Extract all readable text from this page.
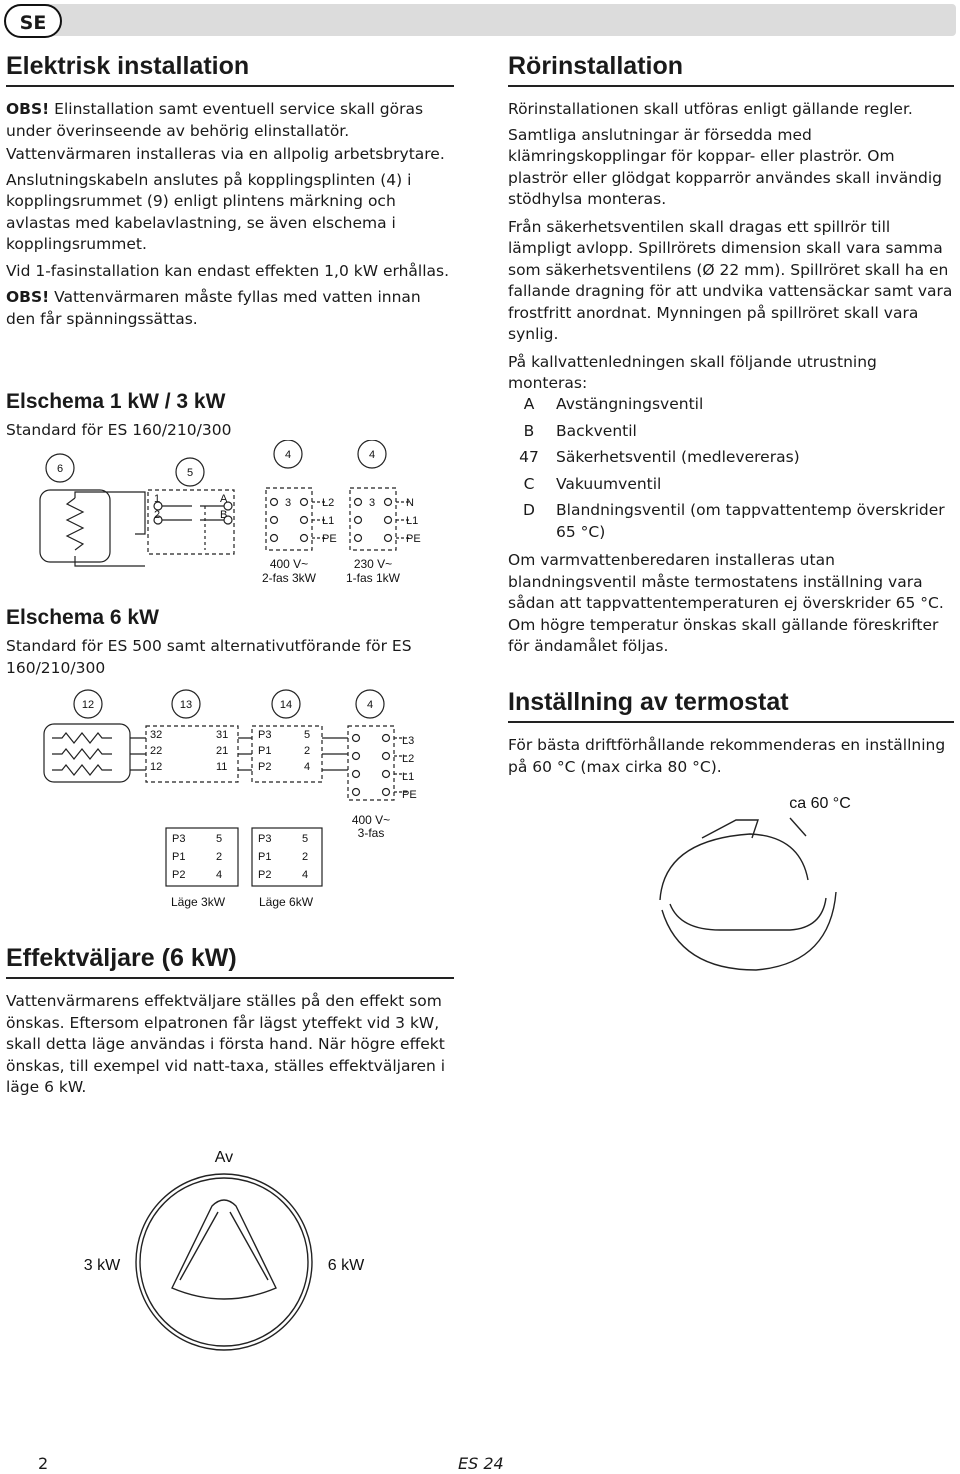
SE
Elektrisk installation

OBS! Elinstallation samt eventuell service skall göras under överinseende av behörig elinstallatör.

Vattenvärmaren installeras via en allpolig arbetsbrytare.

Anslutningskabeln anslutes på kopplingsplinten (4) i kopplingsrummet (9) enligt plintens märkning och avlastas med kabelavlastning, se även elschema i kopplingsrummet.

Vid 1-fasinstallation kan endast effekten 1,0 kW erhållas.

OBS! Vattenvärmaren måste fyllas med vatten innan den får spänningssättas.

Elschema 1 kW / 3 kW

Standard för ES 160/210/300

6	5
4	4
1
2
A
B
3	3
L2
L1
PE
N
L1
PE
400 V~
2-fas 3kW
230 V~
1-fas 1kW
Elschema 6 kW

Standard för ES 500 samt alternativutförande för ES 160/210/300

12	13	14	4
32
22
12
31
21
11
P3
P1
P2
5
2
4
L3
L2
L1
PE
P3
P1
P2
5
2
4
P3
P1
P2
5
2
4
400 V~
3-fas
Läge 3kW	Läge 6kW
Effektväljare (6 kW)

Vattenvärmarens effektväljare ställes på den effekt som önskas. Eftersom elpatronen får lägst yteffekt vid 3 kW, skall detta läge användas i första hand. När högre effekt önskas, till exempel vid natt-taxa, ställes effektväljaren i läge 6 kW.

Av
3 kW	6 kW
Rörinstallation

Rörinstallationen skall utföras enligt gällande regler.

Samtliga anslutningar är försedda med klämringskopplingar för koppar- eller plaströr. Om plaströr eller glödgat kopparrör användes skall invändig stödhylsa monteras.

Från säkerhetsventilen skall dragas ett spillrör till lämpligt avlopp. Spillrörets dimension skall vara samma som säkerhetsventilens (Ø 22 mm). Spillröret skall ha en fallande dragning för att undvika vattensäckar samt vara frostfritt anordnat. Mynningen på spillröret skall vara synlig.

På kallvattenledningen skall följande utrustning monteras:

A	Avstängningsventil
B	Backventil
47	Säkerhetsventil (medlevereras)
C	Vakuumventil
D	Blandningsventil (om tappvattentemp överskrider 65 °C)

Om varmvattenberedaren installeras utan blandningsventil måste termostatens inställning vara sådan att tappvattentemperaturen ej överskrider 65 °C. Om högre temperatur önskas skall gällande föreskrifter för ändamålet följas.

Inställning av termostat

För bästa driftförhållande rekommenderas en inställning på 60 °C (max cirka 80 °C).

ca 60 °C
2	ES 24
